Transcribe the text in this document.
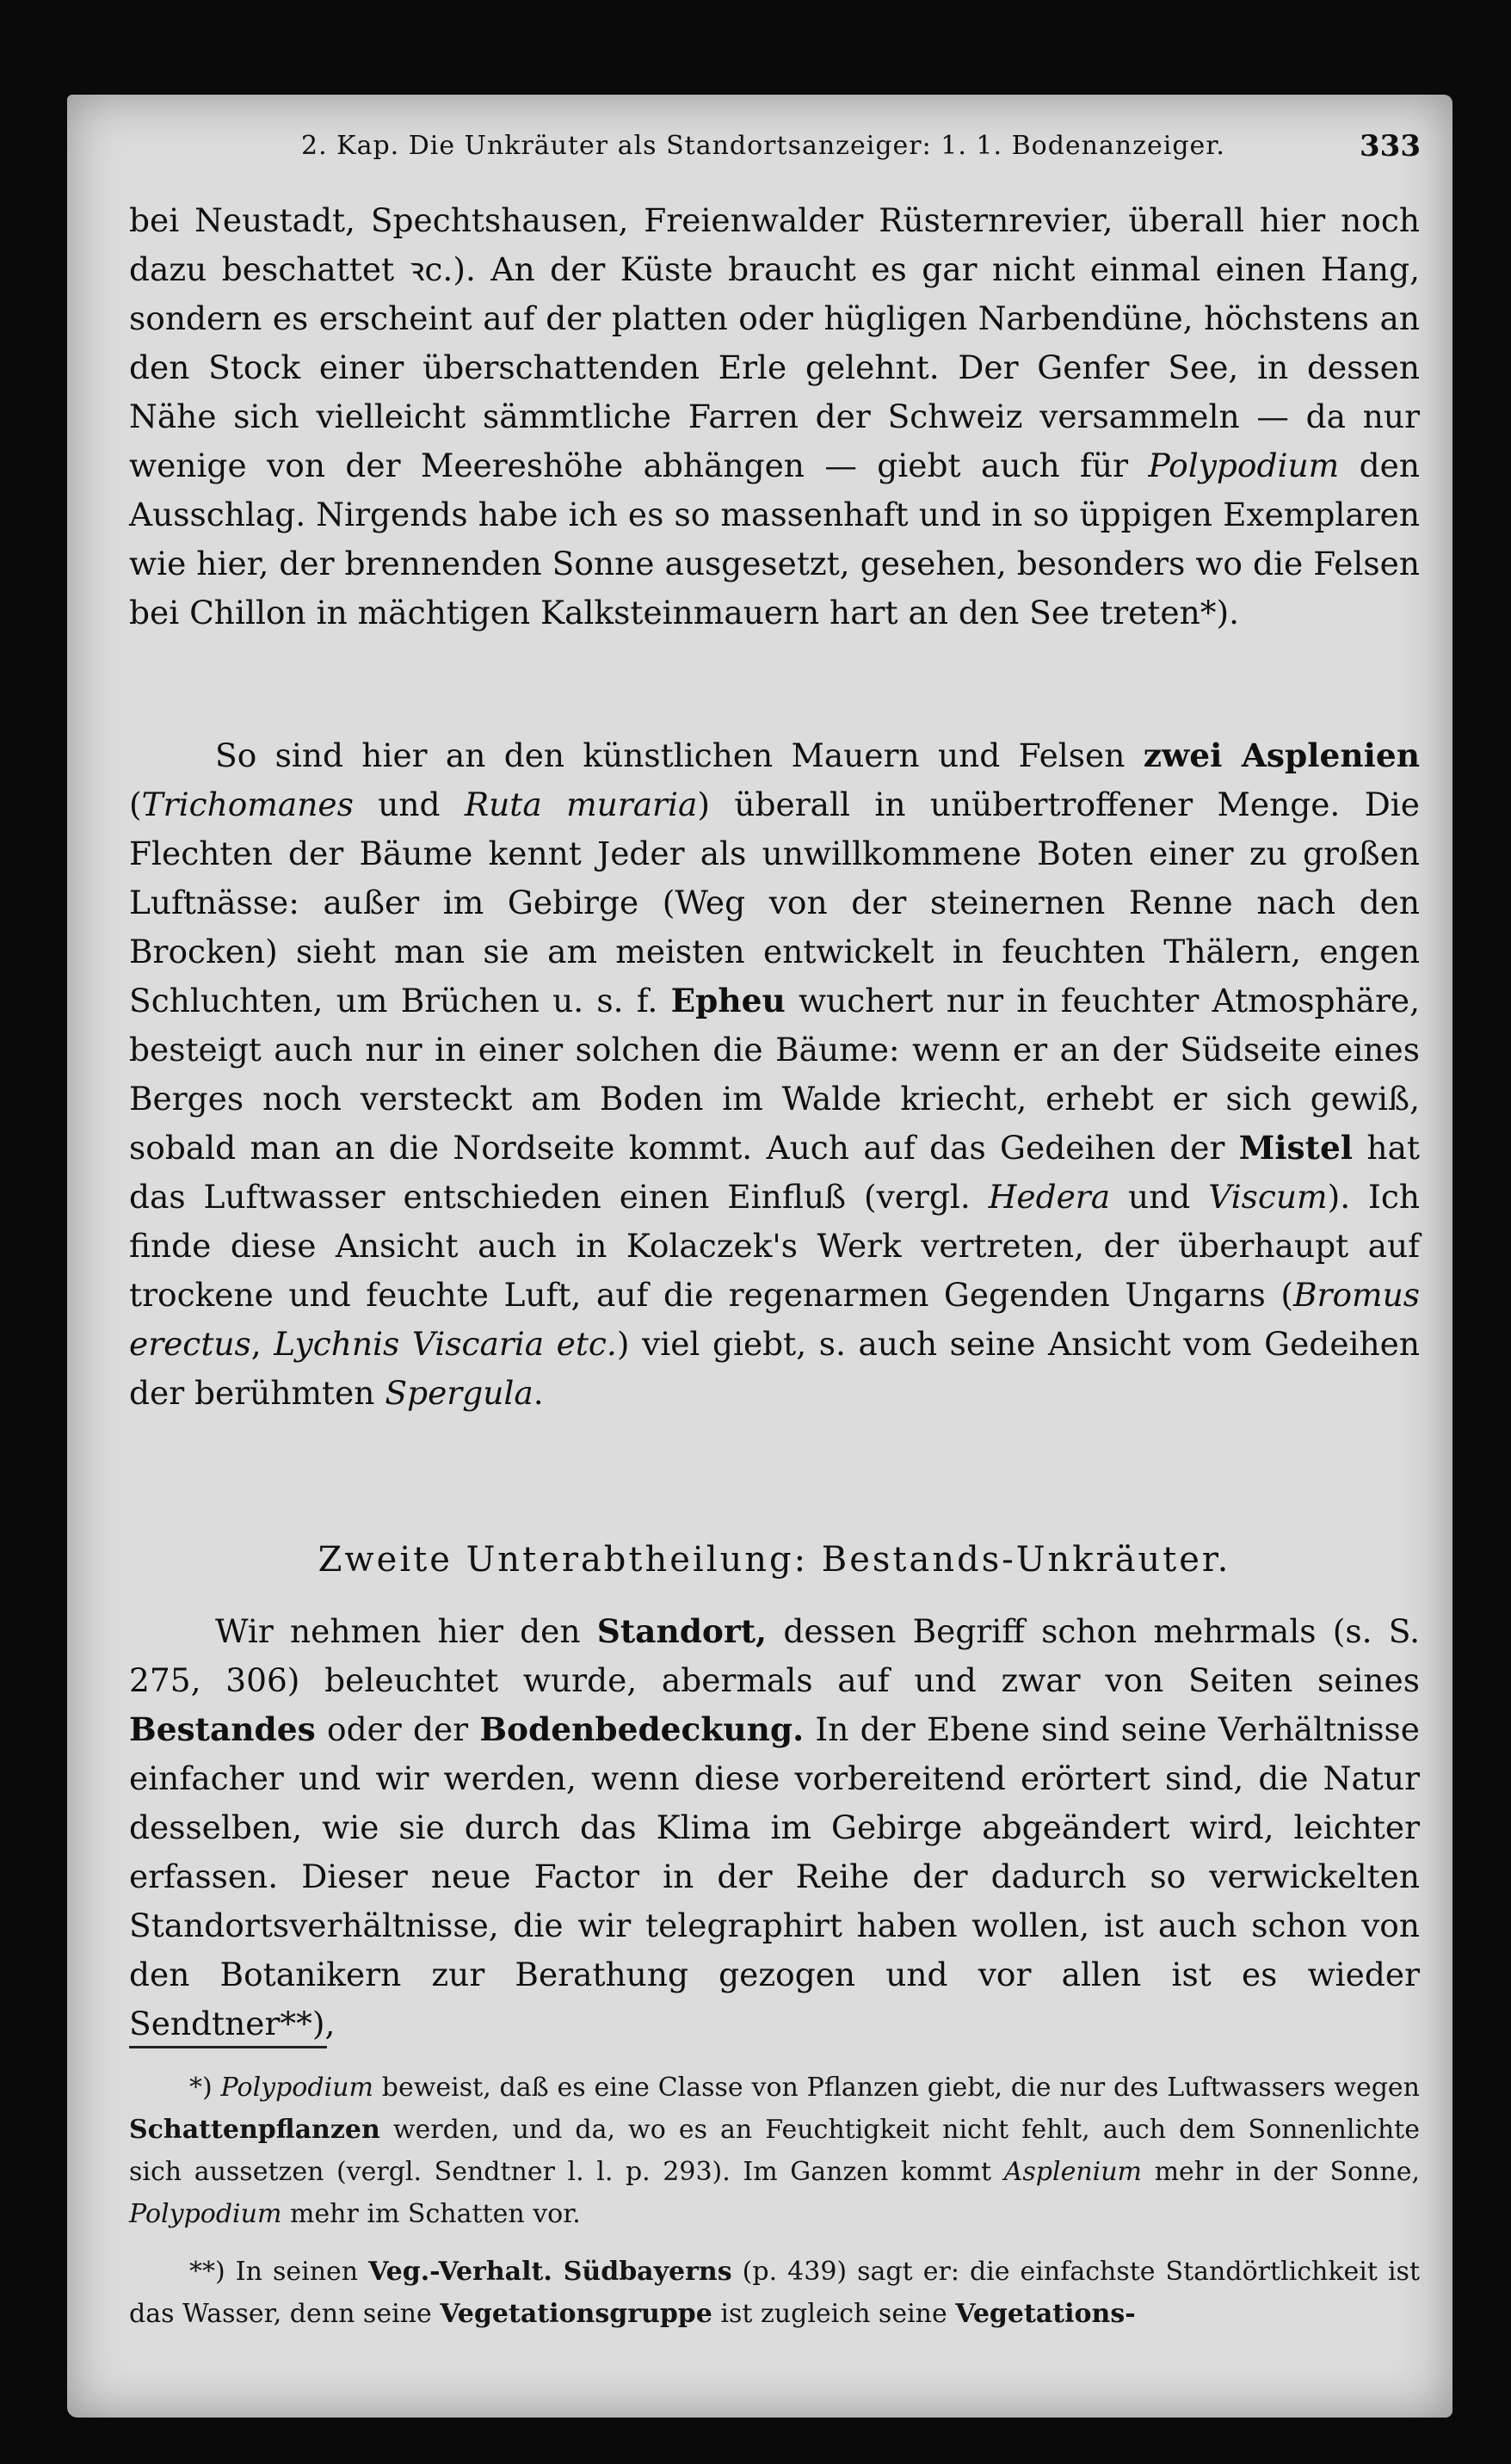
2. Kap. Die Unkräuter als Standortsanzeiger: 1. 1. Bodenanzeiger.	333

bei Neustadt, Spechtshausen, Freienwalder Rüsternrevier, überall hier noch dazu beschattet ꝛc.). An der Küste braucht es gar nicht einmal einen Hang, sondern es erscheint auf der platten oder hügligen Narbendüne, höchstens an den Stock einer überschattenden Erle gelehnt. Der Genfer See, in dessen Nähe sich vielleicht sämmtliche Farren der Schweiz versammeln — da nur wenige von der Meereshöhe abhängen — giebt auch für Polypodium den Ausschlag. Nirgends habe ich es so massenhaft und in so üppigen Exemplaren wie hier, der brennenden Sonne ausgesetzt, gesehen, besonders wo die Felsen bei Chillon in mächtigen Kalksteinmauern hart an den See treten*).

So sind hier an den künstlichen Mauern und Felsen zwei Asplenien (Trichomanes und Ruta muraria) überall in unübertroffener Menge. Die Flechten der Bäume kennt Jeder als unwillkommene Boten einer zu großen Luftnässe: außer im Gebirge (Weg von der steinernen Renne nach den Brocken) sieht man sie am meisten entwickelt in feuchten Thälern, engen Schluchten, um Brüchen u. s. f. Epheu wuchert nur in feuchter Atmosphäre, besteigt auch nur in einer solchen die Bäume: wenn er an der Südseite eines Berges noch versteckt am Boden im Walde kriecht, erhebt er sich gewiß, sobald man an die Nordseite kommt. Auch auf das Gedeihen der Mistel hat das Luftwasser entschieden einen Einfluß (vergl. Hedera und Viscum). Ich finde diese Ansicht auch in Kolaczek's Werk vertreten, der überhaupt auf trockene und feuchte Luft, auf die regenarmen Gegenden Ungarns (Bromus erectus, Lychnis Viscaria etc.) viel giebt, s. auch seine Ansicht vom Gedeihen der berühmten Spergula.

Zweite Unterabtheilung: Bestands-Unkräuter.

Wir nehmen hier den Standort, dessen Begriff schon mehrmals (s. S. 275, 306) beleuchtet wurde, abermals auf und zwar von Seiten seines Bestandes oder der Bodenbedeckung. In der Ebene sind seine Verhältnisse einfacher und wir werden, wenn diese vorbereitend erörtert sind, die Natur desselben, wie sie durch das Klima im Gebirge abgeändert wird, leichter erfassen. Dieser neue Factor in der Reihe der dadurch so verwickelten Standortsverhältnisse, die wir telegraphirt haben wollen, ist auch schon von den Botanikern zur Berathung gezogen und vor allen ist es wieder Sendtner**),

*) Polypodium beweist, daß es eine Classe von Pflanzen giebt, die nur des Luftwassers wegen Schattenpflanzen werden, und da, wo es an Feuchtigkeit nicht fehlt, auch dem Sonnenlichte sich aussetzen (vergl. Sendtner l. l. p. 293). Im Ganzen kommt Asplenium mehr in der Sonne, Polypodium mehr im Schatten vor.

**) In seinen Veg.-Verhalt. Südbayerns (p. 439) sagt er: die einfachste Standörtlichkeit ist das Wasser, denn seine Vegetationsgruppe ist zugleich seine Vegetations-
